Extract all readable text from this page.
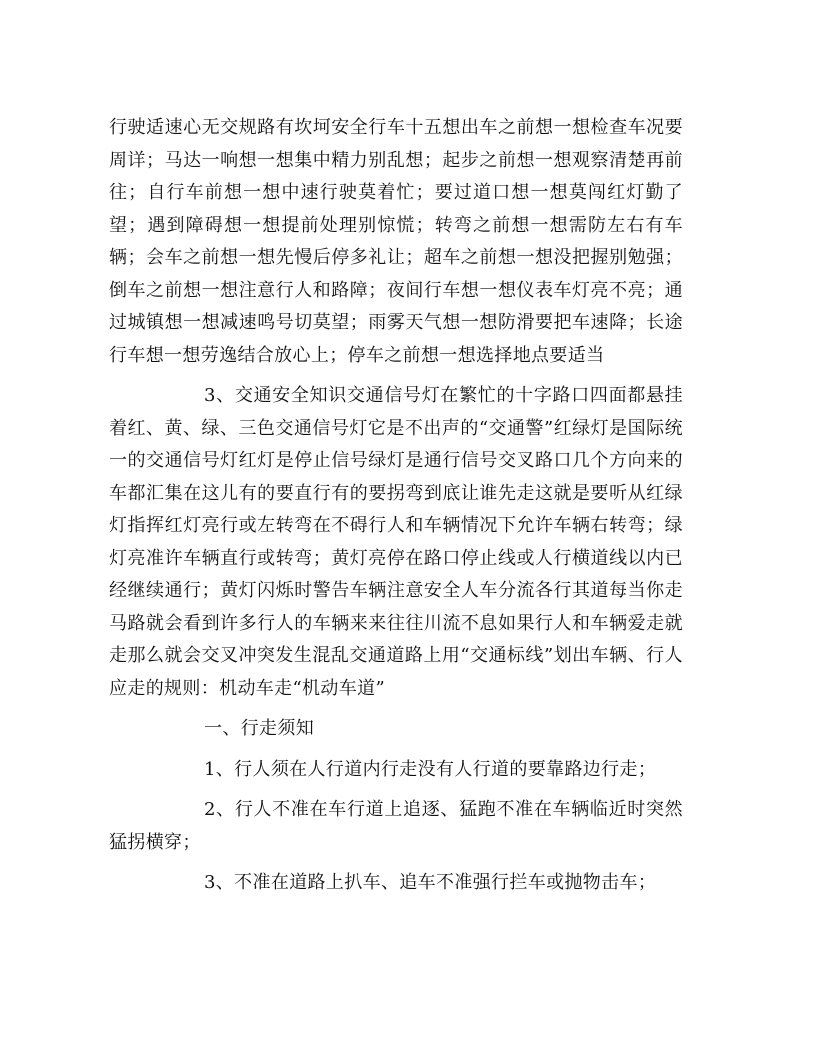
行驶适速心无交规路有坎坷安全行车十五想出车之前想一想检查车况要周详；马达一响想一想集中精力别乱想；起步之前想一想观察清楚再前往；自行车前想一想中速行驶莫着忙；要过道口想一想莫闯红灯勤了望；遇到障碍想一想提前处理别惊慌；转弯之前想一想需防左右有车辆；会车之前想一想先慢后停多礼让；超车之前想一想没把握别勉强；倒车之前想一想注意行人和路障；夜间行车想一想仪表车灯亮不亮；通过城镇想一想减速鸣号切莫望；雨雾天气想一想防滑要把车速降；长途行车想一想劳逸结合放心上；停车之前想一想选择地点要适当

3、交通安全知识交通信号灯在繁忙的十字路口四面都悬挂着红、黄、绿、三色交通信号灯它是不出声的“交通警”红绿灯是国际统一的交通信号灯红灯是停止信号绿灯是通行信号交叉路口几个方向来的车都汇集在这儿有的要直行有的要拐弯到底让谁先走这就是要听从红绿灯指挥红灯亮行或左转弯在不碍行人和车辆情况下允许车辆右转弯；绿灯亮准许车辆直行或转弯；黄灯亮停在路口停止线或人行横道线以内已经继续通行；黄灯闪烁时警告车辆注意安全人车分流各行其道每当你走马路就会看到许多行人的车辆来来往往川流不息如果行人和车辆爱走就走那么就会交叉冲突发生混乱交通道路上用“交通标线”划出车辆、行人应走的规则：机动车走“机动车道”

一、行走须知

1、行人须在人行道内行走没有人行道的要靠路边行走；

2、行人不准在车行道上追逐、猛跑不准在车辆临近时突然猛拐横穿；

3、不准在道路上扒车、追车不准强行拦车或抛物击车；
